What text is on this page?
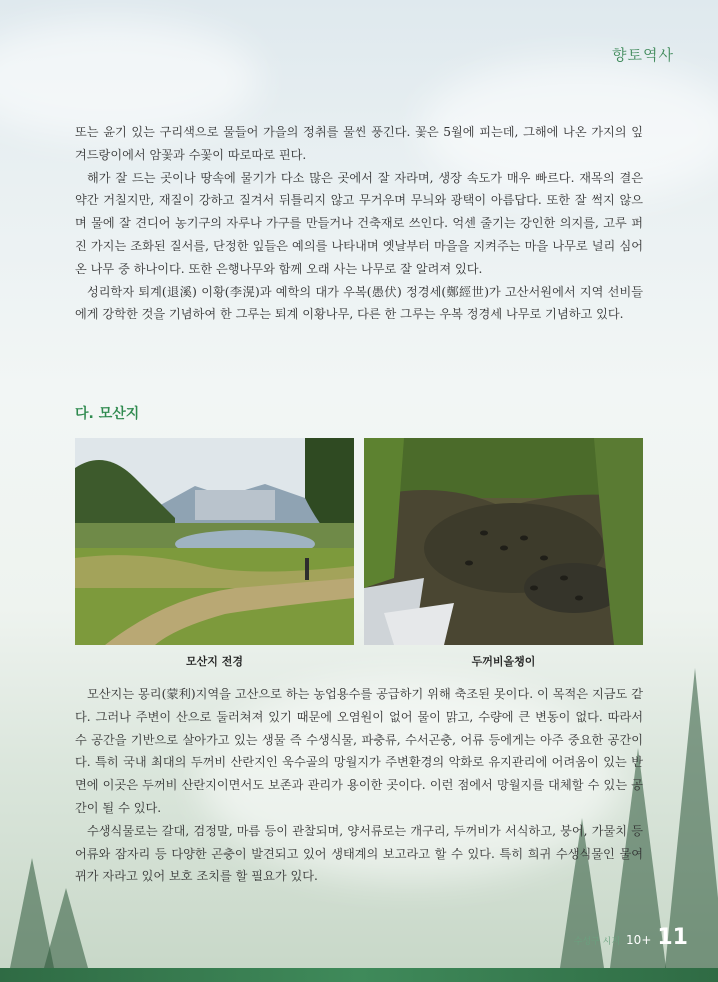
향토역사

또는 윤기 있는 구리색으로 물들어 가을의 정취를 물씬 풍긴다. 꽃은 5월에 피는데, 그해에 나온 가지의 잎겨드랑이에서 암꽃과 수꽃이 따로따로 핀다.

해가 잘 드는 곳이나 땅속에 물기가 다소 많은 곳에서 잘 자라며, 생장 속도가 매우 빠르다. 재목의 결은 약간 거칠지만, 재질이 강하고 질겨서 뒤틀리지 않고 무거우며 무늬와 광택이 아름답다. 또한 잘 썩지 않으며 물에 잘 견디어 농기구의 자루나 가구를 만들거나 건축재로 쓰인다. 억센 줄기는 강인한 의지를, 고루 퍼진 가지는 조화된 질서를, 단정한 잎들은 예의를 나타내며 옛날부터 마을을 지켜주는 마을 나무로 널리 심어온 나무 중 하나이다. 또한 은행나무와 함께 오래 사는 나무로 잘 알려져 있다.

성리학자 퇴계(退溪) 이황(李滉)과 예학의 대가 우복(愚伏) 정경세(鄭經世)가 고산서원에서 지역 선비들에게 강학한 것을 기념하여 한 그루는 퇴계 이황나무, 다른 한 그루는 우복 정경세 나무로 기념하고 있다.

다. 모산지
모산지 전경	두꺼비올챙이

모산지는 몽리(蒙利)지역을 고산으로 하는 농업용수를 공급하기 위해 축조된 못이다. 이 목적은 지금도 같다. 그러나 주변이 산으로 둘러쳐져 있기 때문에 오염원이 없어 물이 맑고, 수량에 큰 변동이 없다. 따라서 수 공간을 기반으로 살아가고 있는 생물 즉 수생식물, 파충류, 수서곤충, 어류 등에게는 아주 중요한 공간이다. 특히 국내 최대의 두꺼비 산란지인 욱수골의 망월지가 주변환경의 악화로 유지관리에 어려움이 있는 반면에 이곳은 두꺼비 산란지이면서도 보존과 관리가 용이한 곳이다. 이런 점에서 망월지를 대체할 수 있는 공간이 될 수 있다.

수생식물로는 갈대, 검정말, 마름 등이 관찰되며, 양서류로는 개구리, 두꺼비가 서식하고, 붕어, 가물치 등 어류와 잠자리 등 다양한 곤충이 발견되고 있어 생태계의 보고라고 할 수 있다. 특히 희귀 수생식물인 물여뀌가 자라고 있어 보호 조치를 할 필요가 있다.

수성구 시지 10+ 11
